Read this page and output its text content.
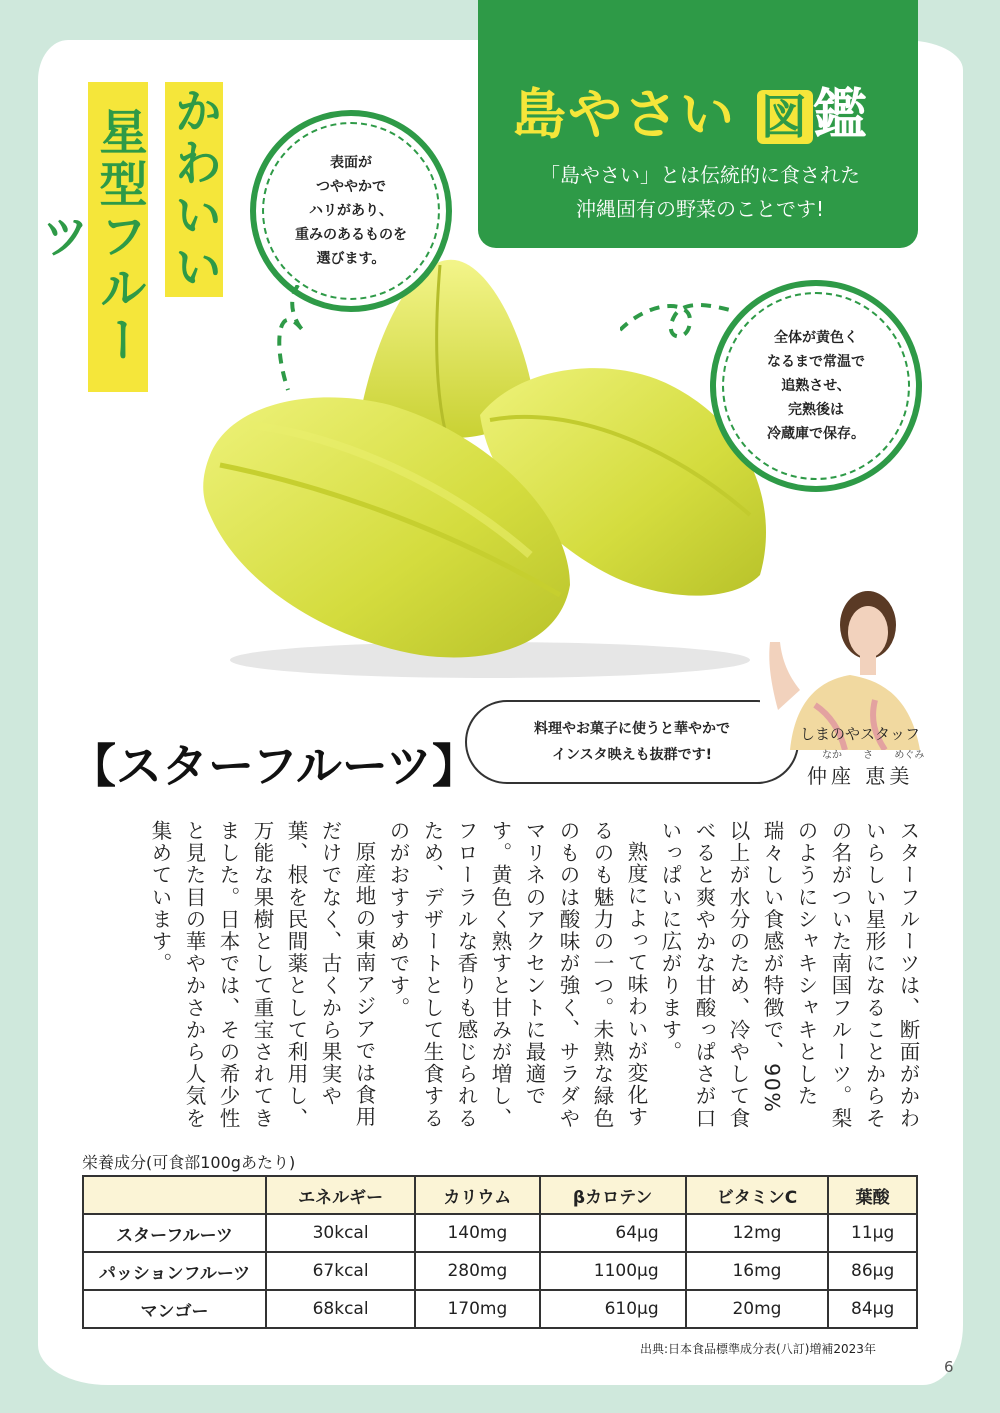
島やさい 図鑑
「島やさい」とは伝統的に食された
沖縄固有の野菜のことです!
かわいい
星型フルーツ
表面が
つややかで
ハリがあり、
重みのあるものを
選びます。
全体が黄色く
なるまで常温で
追熟させ、
完熟後は
冷蔵庫で保存。
料理やお菓子に使うと華やかで
インスタ映えも抜群です!
しまのやスタッフ
なか さ めぐみ
仲座 恵美
【スターフルーツ】

スターフルーツは、断面がかわいらしい星形になることからその名がついた南国フルーツ。梨のようにシャキシャキとした瑞々しい食感が特徴で、90%以上が水分のため、冷やして食べると爽やかな甘酸っぱさが口いっぱいに広がります。

熟度によって味わいが変化するのも魅力の一つ。未熟な緑色のものは酸味が強く、サラダやマリネのアクセントに最適です。黄色く熟すと甘みが増し、フローラルな香りも感じられるため、デザートとして生食するのがおすすめです。

原産地の東南アジアでは食用だけでなく、古くから果実や葉、根を民間薬として利用し、万能な果樹として重宝されてきました。日本では、その希少性と見た目の華やかさから人気を集めています。

栄養成分(可食部100gあたり)
	エネルギー	カリウム	βカロテン	ビタミンC	葉酸
スターフルーツ	30kcal	140mg	64μg	12mg	11μg
パッションフルーツ	67kcal	280mg	1100μg	16mg	86μg
マンゴー	68kcal	170mg	610μg	20mg	84μg
出典:日本食品標準成分表(八訂)増補2023年
6
